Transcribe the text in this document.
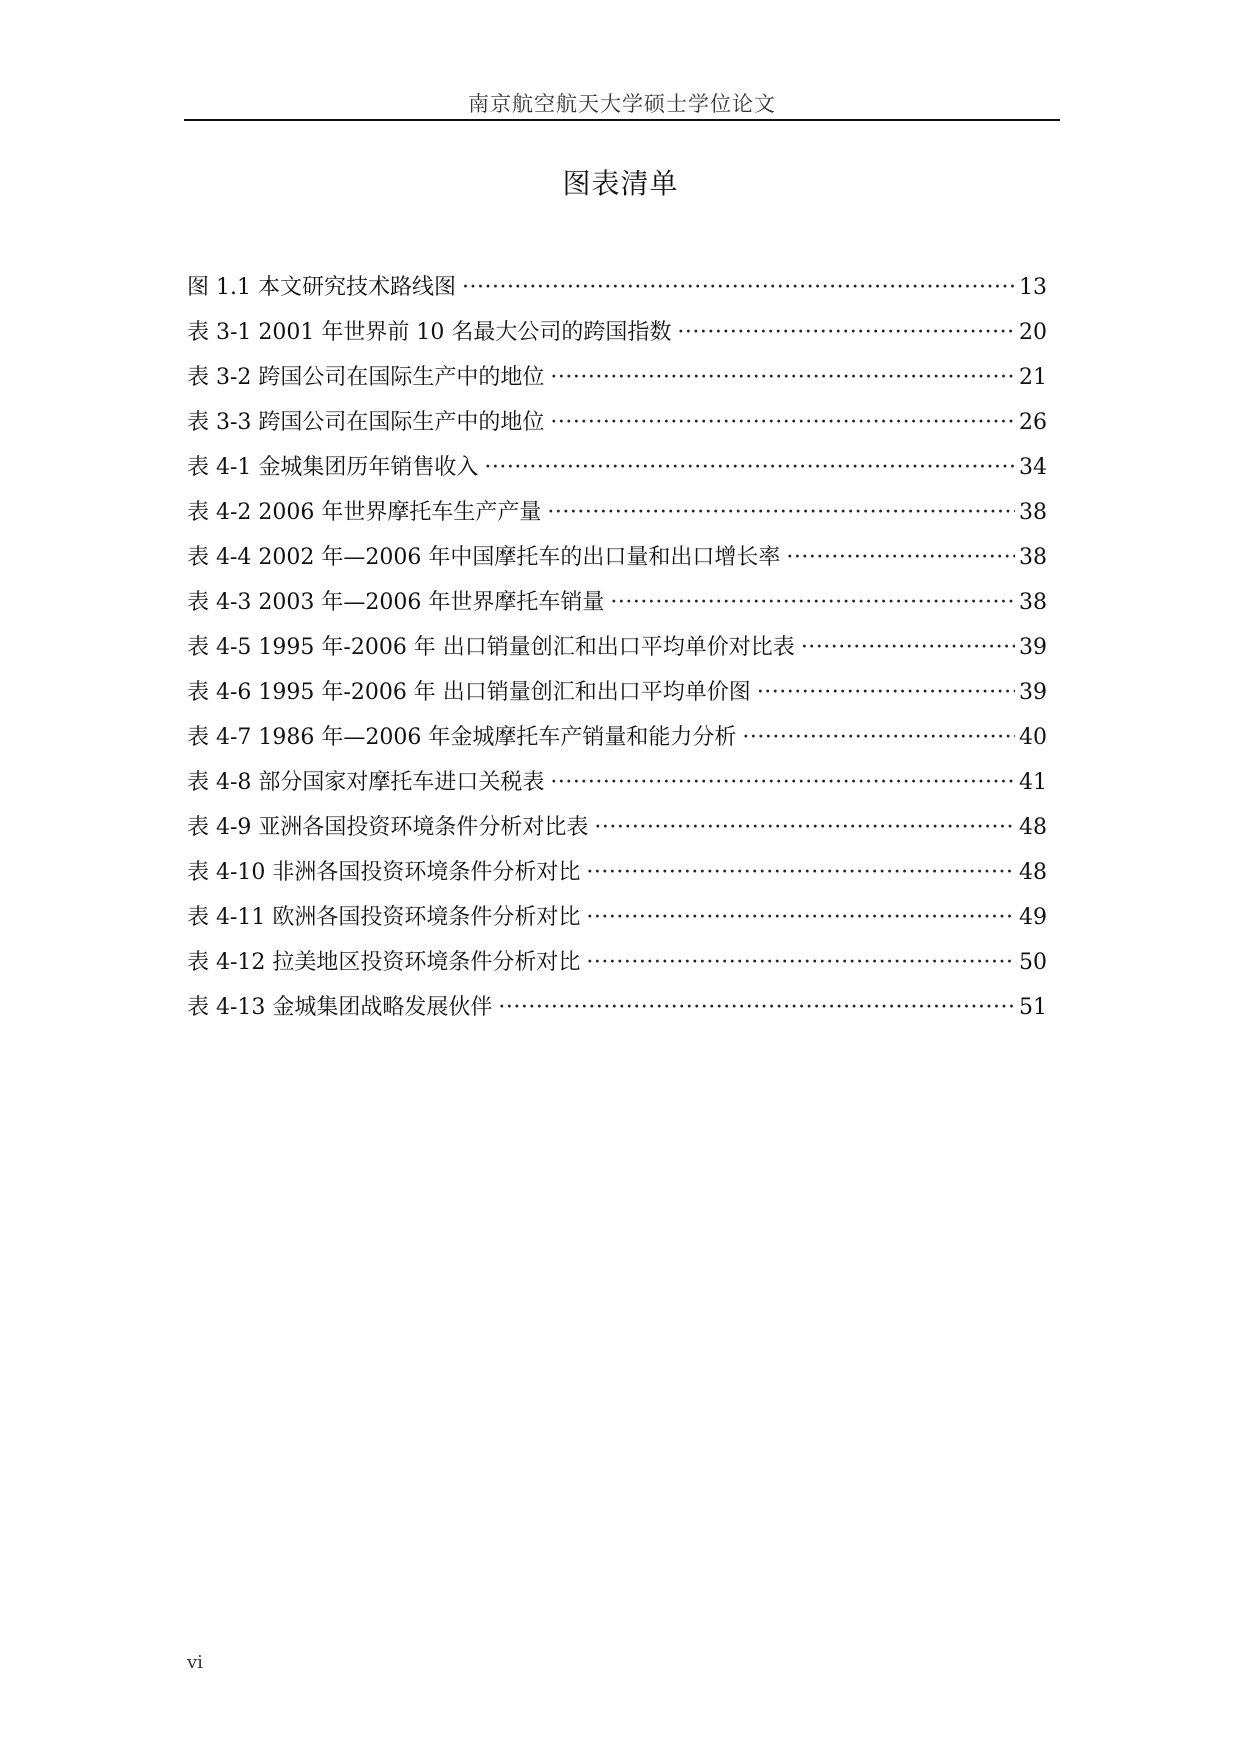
南京航空航天大学硕士学位论文
图表清单
图 1.1 本文研究技术路线图 ·····	13
表 3-1 2001 年世界前 10 名最大公司的跨国指数 ·····	20
表 3-2 跨国公司在国际生产中的地位 ·····	21
表 3-3 跨国公司在国际生产中的地位 ·····	26
表 4-1 金城集团历年销售收入 ·····	34
表 4-2 2006 年世界摩托车生产产量 ·····	38
表 4-4 2002 年—2006 年中国摩托车的出口量和出口增长率 ·····	38
表 4-3 2003 年—2006 年世界摩托车销量 ·····	38
表 4-5 1995 年-2006 年 出口销量创汇和出口平均单价对比表 ·····	39
表 4-6 1995 年-2006 年 出口销量创汇和出口平均单价图 ·····	39
表 4-7 1986 年—2006 年金城摩托车产销量和能力分析 ·····	40
表 4-8 部分国家对摩托车进口关税表 ·····	41
表 4-9 亚洲各国投资环境条件分析对比表 ·····	48
表 4-10 非洲各国投资环境条件分析对比 ·····	48
表 4-11 欧洲各国投资环境条件分析对比 ·····	49
表 4-12 拉美地区投资环境条件分析对比 ·····	50
表 4-13 金城集团战略发展伙伴 ·····	51
vi
